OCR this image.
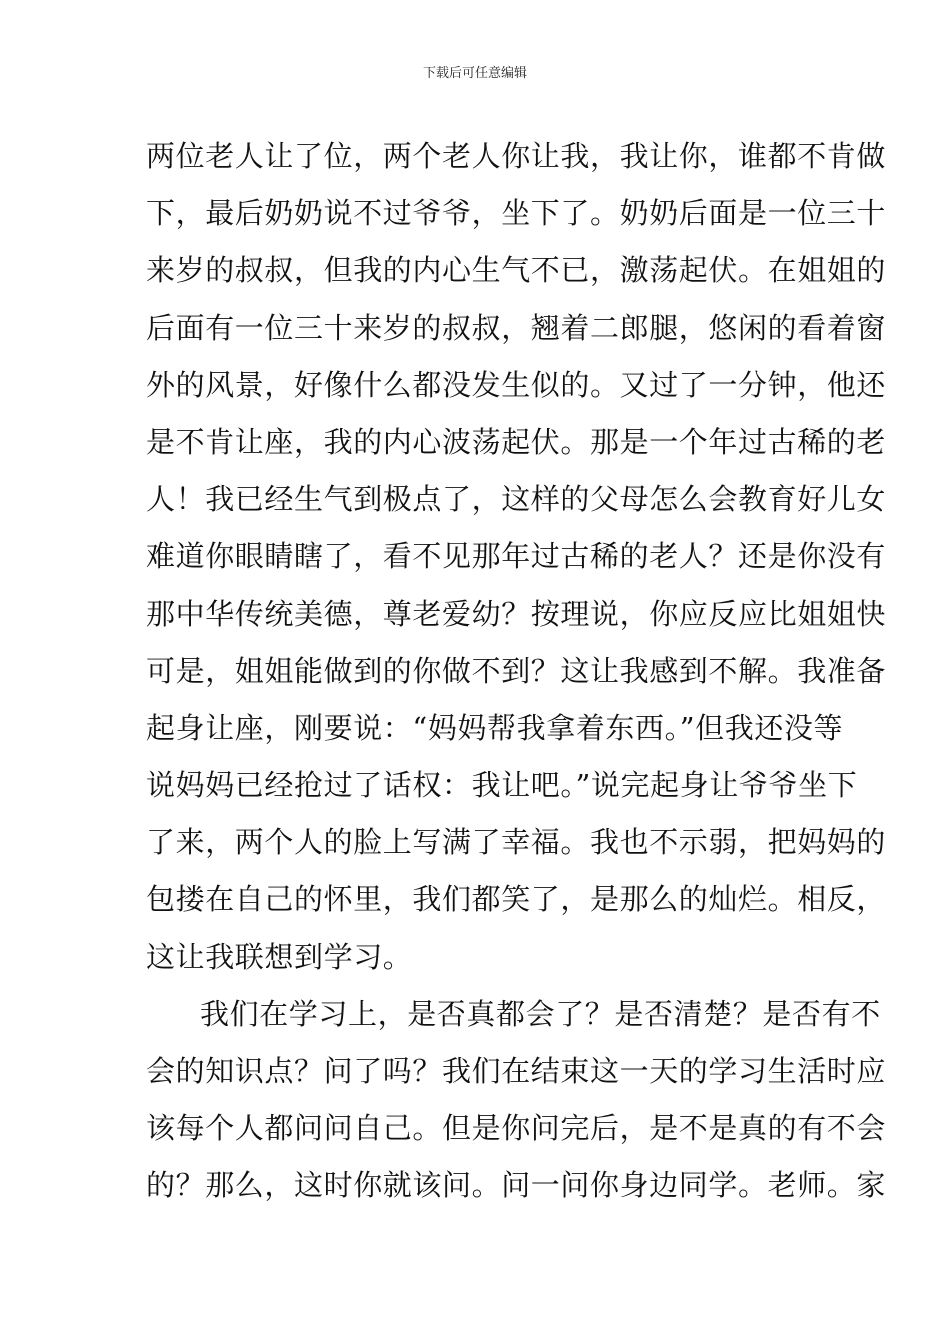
下载后可任意编辑
两位老人让了位，两个老人你让我，我让你，谁都不肯做
下，最后奶奶说不过爷爷，坐下了。奶奶后面是一位三十
来岁的叔叔，但我的内心生气不已，激荡起伏。在姐姐的
后面有一位三十来岁的叔叔，翘着二郎腿，悠闲的看着窗
外的风景，好像什么都没发生似的。又过了一分钟，他还
是不肯让座，我的内心波荡起伏。那是一个年过古稀的老
人！我已经生气到极点了，这样的父母怎么会教育好儿女
难道你眼睛瞎了，看不见那年过古稀的老人？还是你没有
那中华传统美德，尊老爱幼？按理说，你应反应比姐姐快
可是，姐姐能做到的你做不到？这让我感到不解。我准备
起身让座，刚要说：“妈妈帮我拿着东西。”但我还没等
说妈妈已经抢过了话权：我让吧。”说完起身让爷爷坐下
了来，两个人的脸上写满了幸福。我也不示弱，把妈妈的
包搂在自己的怀里，我们都笑了，是那么的灿烂。相反，
这让我联想到学习。
我们在学习上，是否真都会了？是否清楚？是否有不
会的知识点？问了吗？我们在结束这一天的学习生活时应
该每个人都问问自己。但是你问完后，是不是真的有不会
的？那么，这时你就该问。问一问你身边同学。老师。家
